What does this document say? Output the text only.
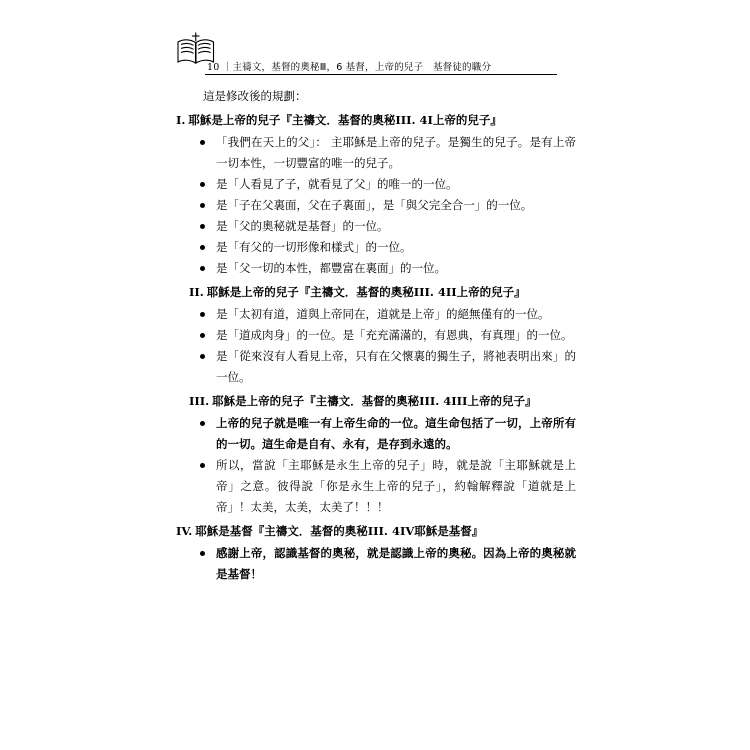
10 ｜主禱文，基督的奧秘Ⅲ，6 基督，上帝的兒子　基督徒的職分

這是修改後的規劃：

I. 耶穌是上帝的兒子『主禱文．基督的奧秘III. 4I上帝的兒子』

「我們在天上的父」： 主耶穌是上帝的兒子。是獨生的兒子。是有上帝一切本性，一切豐富的唯一的兒子。
是「人看見了子，就看見了父」的唯一的一位。
是「子在父裏面，父在子裏面」，是「與父完全合一」的一位。
是「父的奧秘就是基督」的一位。
是「有父的一切形像和樣式」的一位。
是「父一切的本性，都豐富在裏面」的一位。

II. 耶穌是上帝的兒子『主禱文．基督的奧秘III. 4II上帝的兒子』

是「太初有道，道與上帝同在，道就是上帝」的絕無僅有的一位。
是「道成肉身」的一位。是「充充滿滿的，有恩典，有真理」的一位。
是「從來沒有人看見上帝，只有在父懷裏的獨生子，將祂表明出來」的一位。

III. 耶穌是上帝的兒子『主禱文．基督的奧秘III. 4III上帝的兒子』

上帝的兒子就是唯一有上帝生命的一位。這生命包括了一切，上帝所有的一切。這生命是自有、永有，是存到永遠的。
所以，當說「主耶穌是永生上帝的兒子」時，就是說「主耶穌就是上帝」之意。彼得說「你是永生上帝的兒子」，約翰解釋說「道就是上帝」！太美，太美，太美了！！！

IV. 耶穌是基督『主禱文．基督的奧秘III. 4IV耶穌是基督』

感謝上帝，認識基督的奧秘，就是認識上帝的奧秘。因為上帝的奧秘就是基督！
